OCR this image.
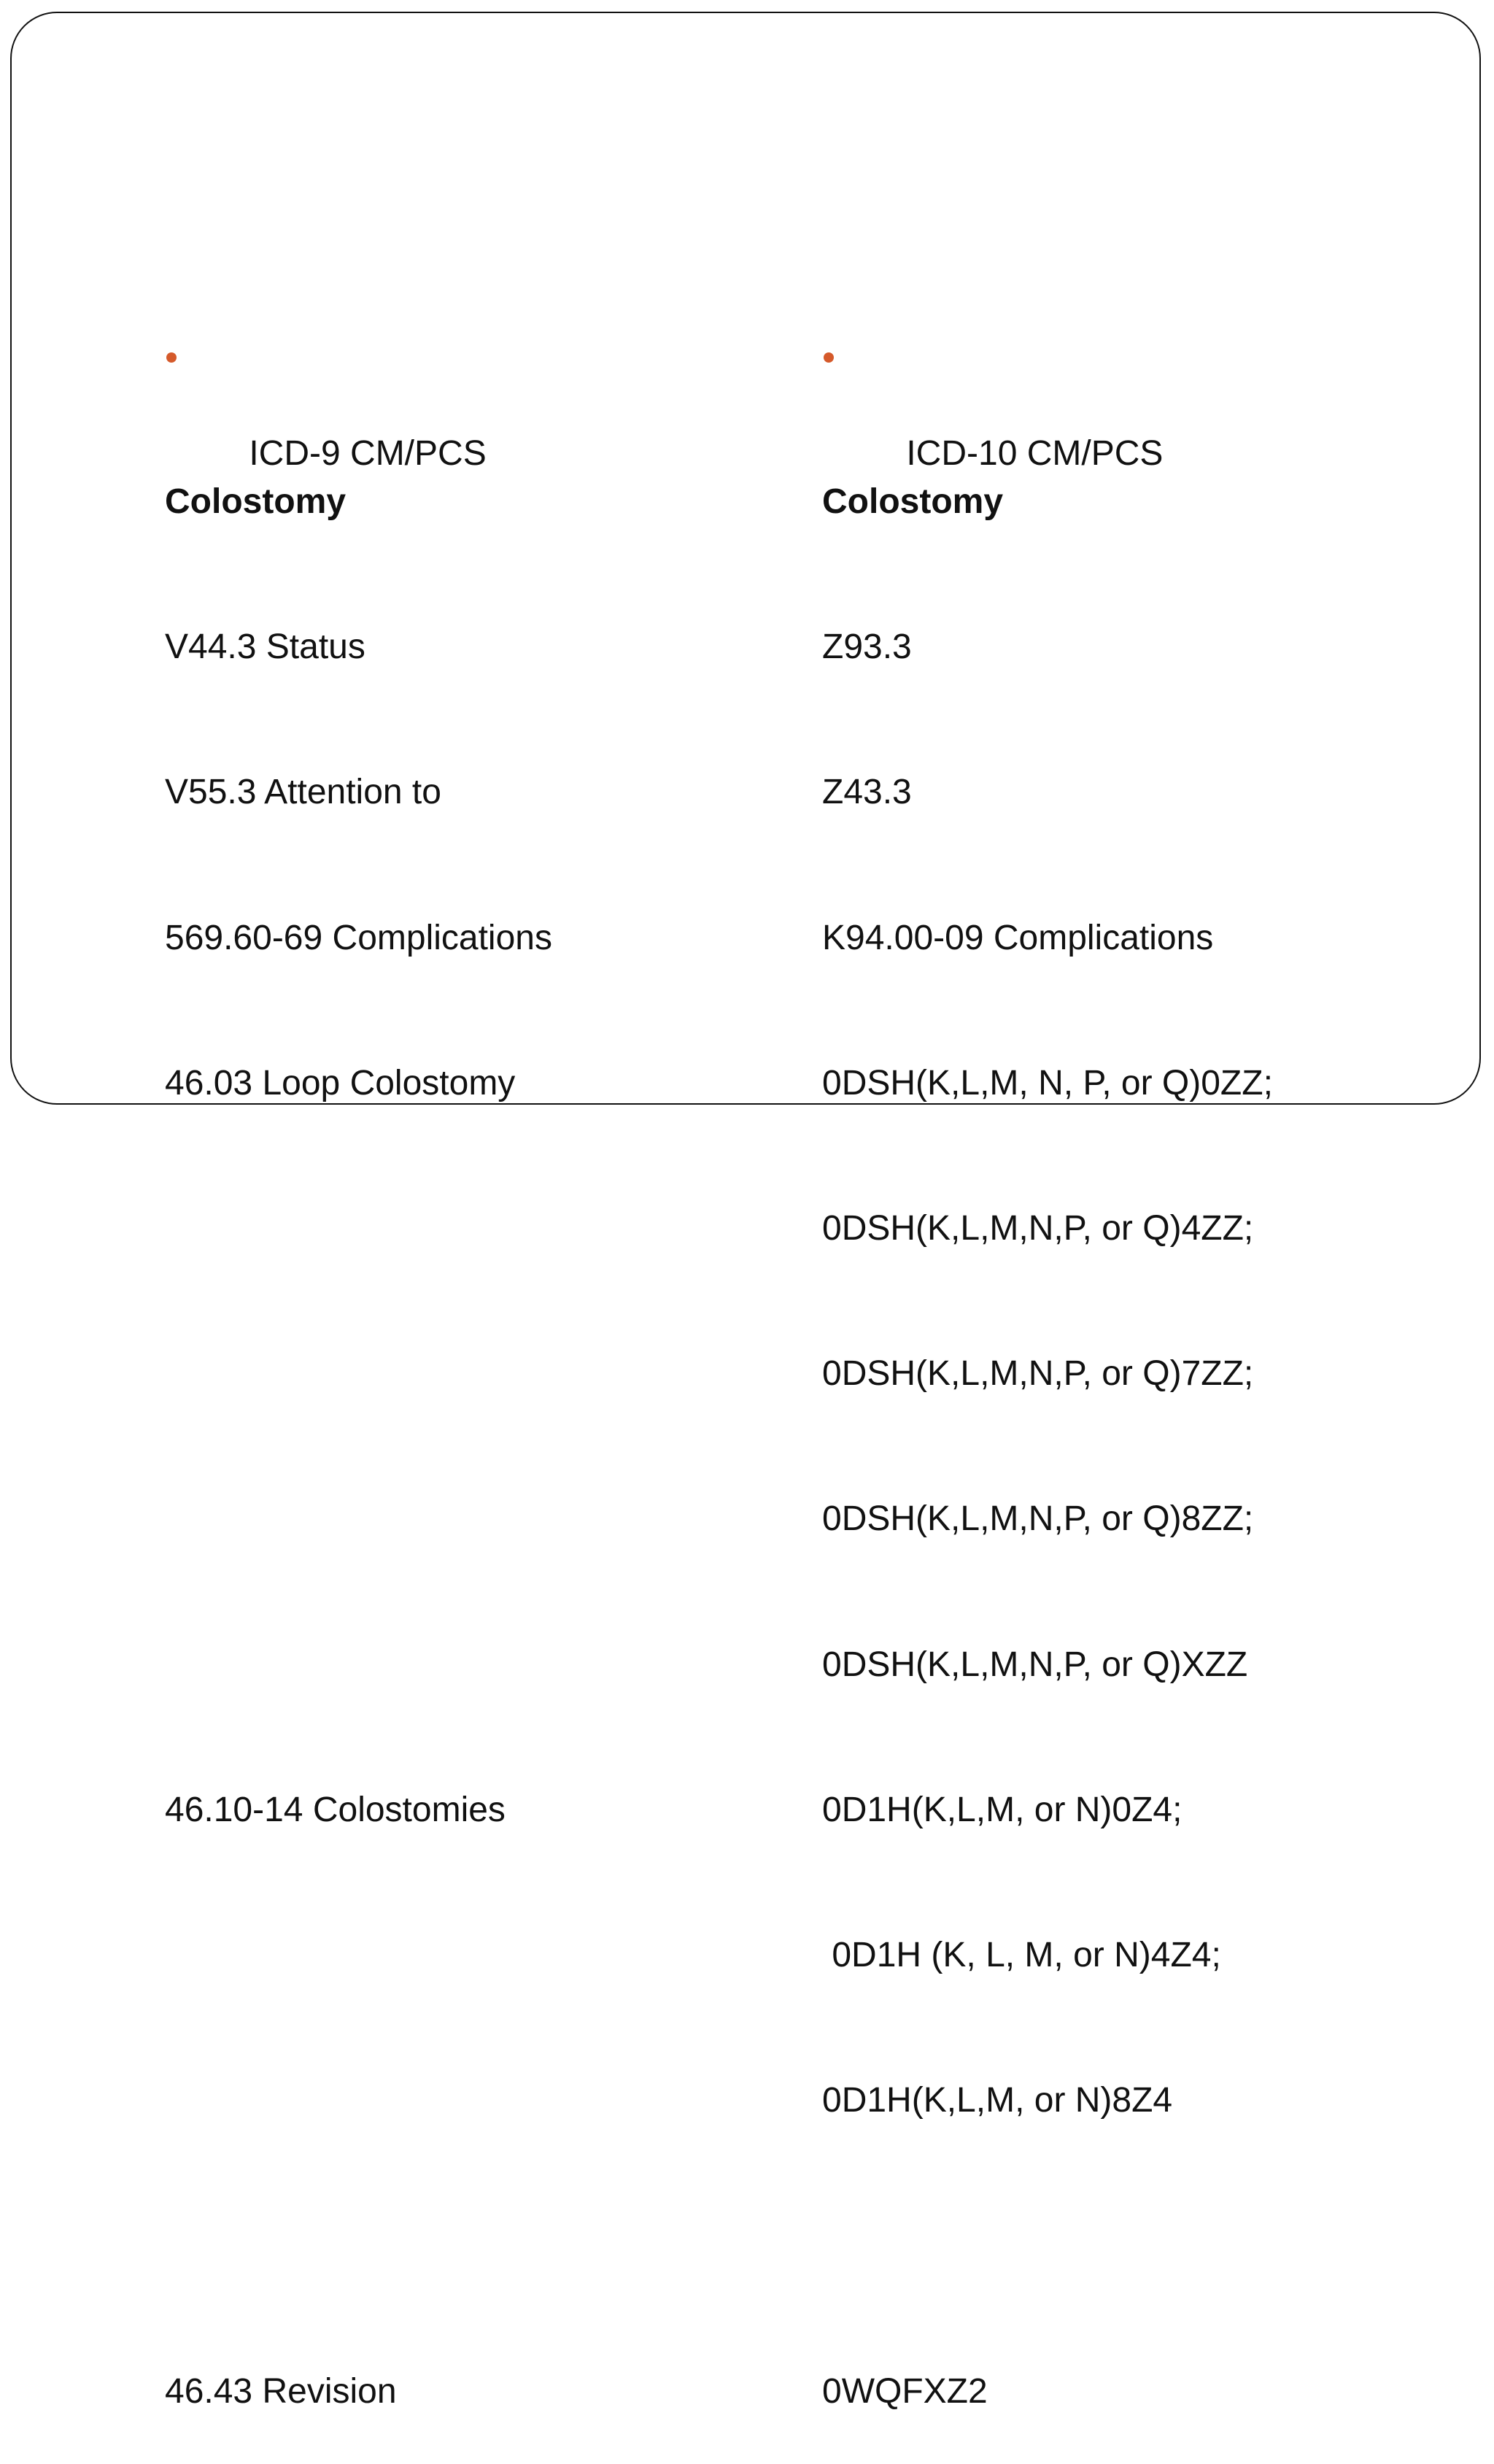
ICD-9 CM/PCS

Colostomy

V44.3 Status

V55.3 Attention to

569.60-69 Complications

46.03 Loop Colostomy

46.10-14 Colostomies

46.43 Revision

ICD-10 CM/PCS

Colostomy

Z93.3

Z43.3

K94.00-09 Complications

0DSH(K,L,M, N, P, or Q)0ZZ;

0DSH(K,L,M,N,P, or Q)4ZZ;

0DSH(K,L,M,N,P, or Q)7ZZ;

0DSH(K,L,M,N,P, or Q)8ZZ;

0DSH(K,L,M,N,P, or Q)XZZ

0D1H(K,L,M, or N)0Z4;

0D1H (K, L, M, or N)4Z4;

0D1H(K,L,M, or N)8Z4

0WQFXZ2
